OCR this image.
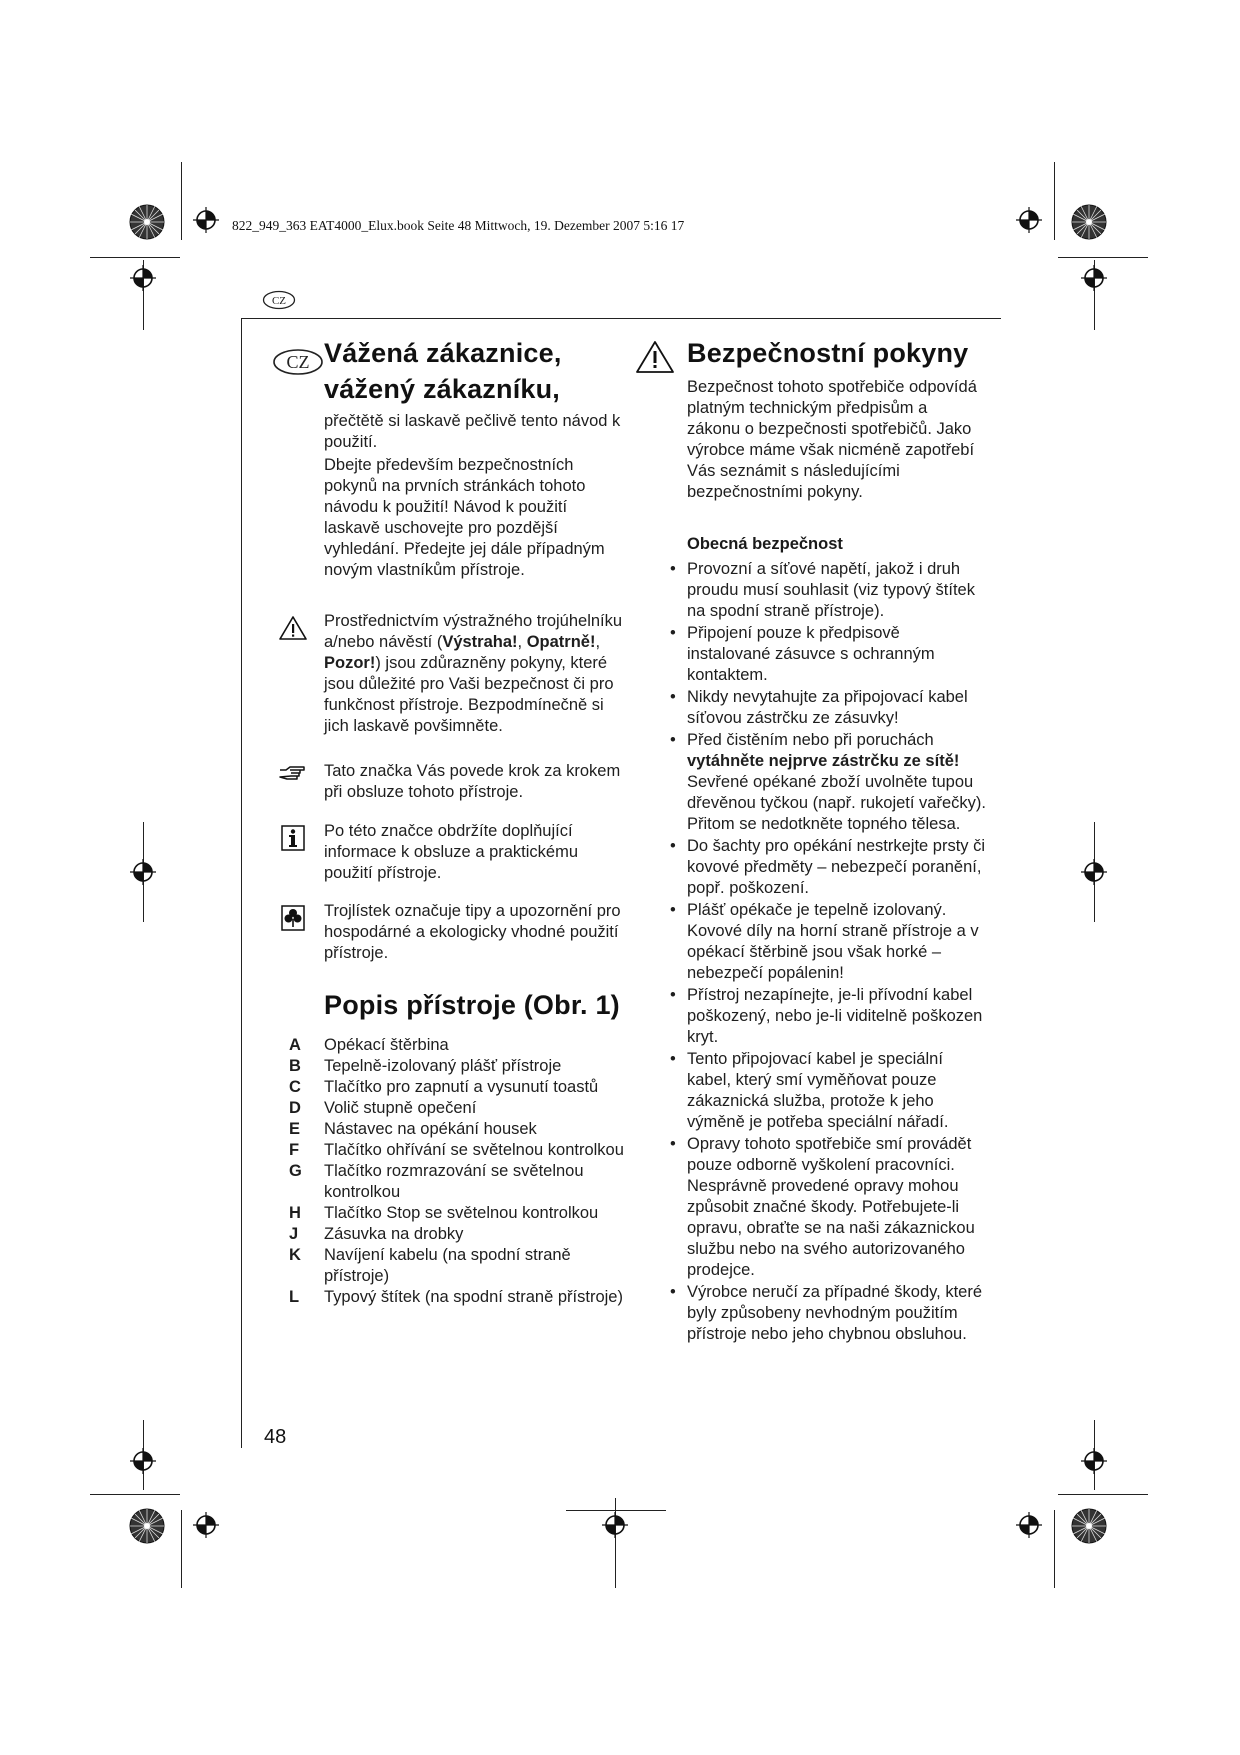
822_949_363 EAT4000_Elux.book Seite 48 Mittwoch, 19. Dezember 2007 5:16 17
CZ
CZ Vážená zákaznice,
vážený zákazníku,

přečtětě si laskavě pečlivě tento návod k použití.

Dbejte především bezpečnostních pokynů na prvních stránkách tohoto návodu k použití! Návod k použití laskavě uschovejte pro pozdější vyhledání. Předejte jej dále případným novým vlastníkům přístroje.

Prostřednictvím výstražného trojúhelníku a/nebo návěstí (Výstraha!, Opatrně!, Pozor!) jsou zdůrazněny pokyny, které jsou důležité pro Vaši bezpečnost či pro funkčnost přístroje. Bezpodmínečně si jich laskavě povšimněte.
Tato značka Vás povede krok za krokem při obsluze tohoto přístroje.
Po této značce obdržíte doplňující informace k obsluze a praktickému použití přístroje.
Trojlístek označuje tipy a upozornění pro hospodárné a ekologicky vhodné použití přístroje.
Popis přístroje (Obr. 1)
A Opékací štěrbina
B Tepelně-izolovaný plášť přístroje
C Tlačítko pro zapnutí a vysunutí toastů
D Volič stupně opečení
E Nástavec na opékání housek
F Tlačítko ohřívání se světelnou kontrolkou
G Tlačítko rozmrazování se světelnou kontrolkou
H Tlačítko Stop se světelnou kontrolkou
J Zásuvka na drobky
K Navíjení kabelu (na spodní straně přístroje)
L Typový štítek (na spodní straně přístroje)
Bezpečnostní pokyny
Bezpečnost tohoto spotřebiče odpovídá platným technickým předpisům a zákonu o bezpečnosti spotřebičů. Jako výrobce máme však nicméně zapotřebí Vás seznámit s následujícími bezpečnostními pokyny.
Obecná bezpečnost
• Provozní a síťové napětí, jakož i druh proudu musí souhlasit (viz typový štítek na spodní straně přístroje).
• Připojení pouze k předpisově instalované zásuvce s ochranným kontaktem.
• Nikdy nevytahujte za připojovací kabel síťovou zástrčku ze zásuvky!
• Před čistěním nebo při poruchách vytáhněte nejprve zástrčku ze sítě! Sevřené opékané zboží uvolněte tupou dřevěnou tyčkou (např. rukojetí vařečky). Přitom se nedotkněte topného tělesa.
• Do šachty pro opékání nestrkejte prsty či kovové předměty – nebezpečí poranění, popř. poškození.
• Plášť opékače je tepelně izolovaný. Kovové díly na horní straně přístroje a v opékací štěrbině jsou však horké – nebezpečí popálenin!
• Přístroj nezapínejte, je-li přívodní kabel poškozený, nebo je-li viditelně poškozen kryt.
• Tento připojovací kabel je speciální kabel, který smí vyměňovat pouze zákaznická služba, protože k jeho výměně je potřeba speciální nářadí.
• Opravy tohoto spotřebiče smí provádět pouze odborně vyškolení pracovníci. Nesprávně provedené opravy mohou způsobit značné škody. Potřebujete-li opravu, obraťte se na naši zákaznickou službu nebo na svého autorizovaného prodejce.
• Výrobce neručí za případné škody, které byly způsobeny nevhodným použitím přístroje nebo jeho chybnou obsluhou.
48
